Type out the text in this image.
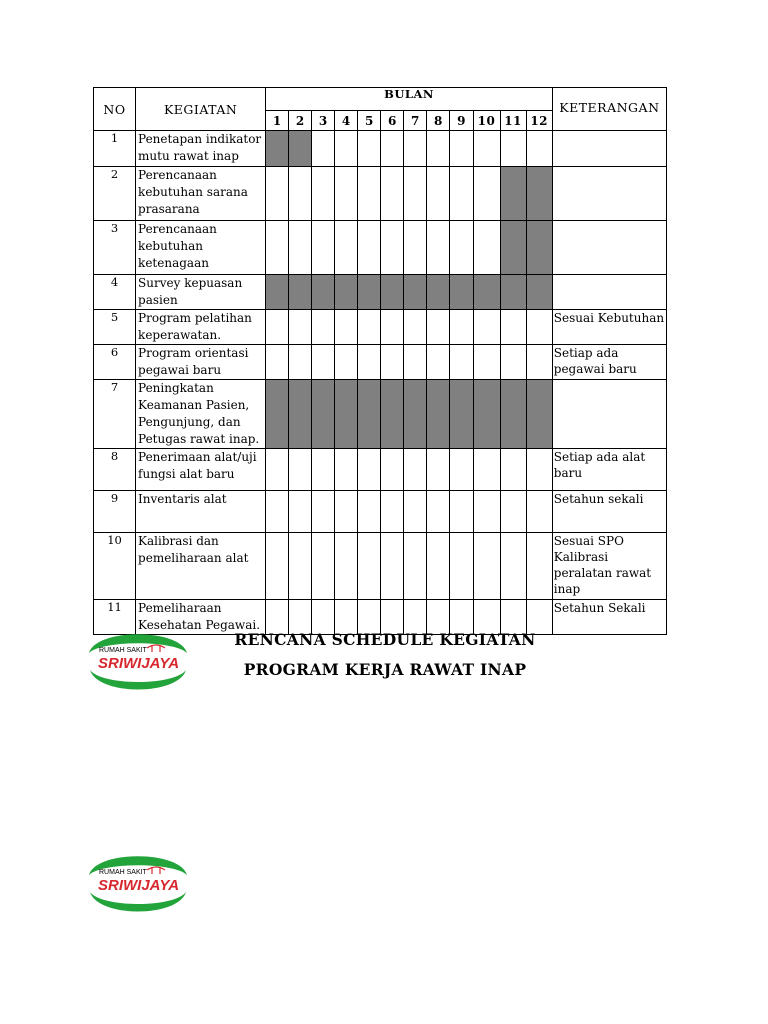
NO	KEGIATAN	BULAN												KETERANGAN
		1	2	3	4	5	6	7	8	9	10	11	12	
1	Penetapan indikator mutu rawat inap													
2	Perencanaan kebutuhan sarana prasarana													
3	Perencanaan kebutuhan ketenagaan													
4	Survey kepuasan pasien													
5	Program pelatihan keperawatan.													Sesuai Kebutuhan
6	Program orientasi pegawai baru													Setiap ada pegawai baru
7	Peningkatan Keamanan Pasien, Pengunjung, dan Petugas rawat inap.													
8	Penerimaan alat/uji fungsi alat baru													Setiap ada alat baru
9	Inventaris alat													Setahun sekali
10	Kalibrasi dan pemeliharaan alat													Sesuai SPO Kalibrasi peralatan rawat inap
11	Pemeliharaan Kesehatan Pegawai.													Setahun Sekali
RENCANA SCHEDULE KEGIATAN
PROGRAM KERJA RAWAT INAP
RUMAH SAKIT
SRIWIJAYA
RUMAH SAKIT
SRIWIJAYA
